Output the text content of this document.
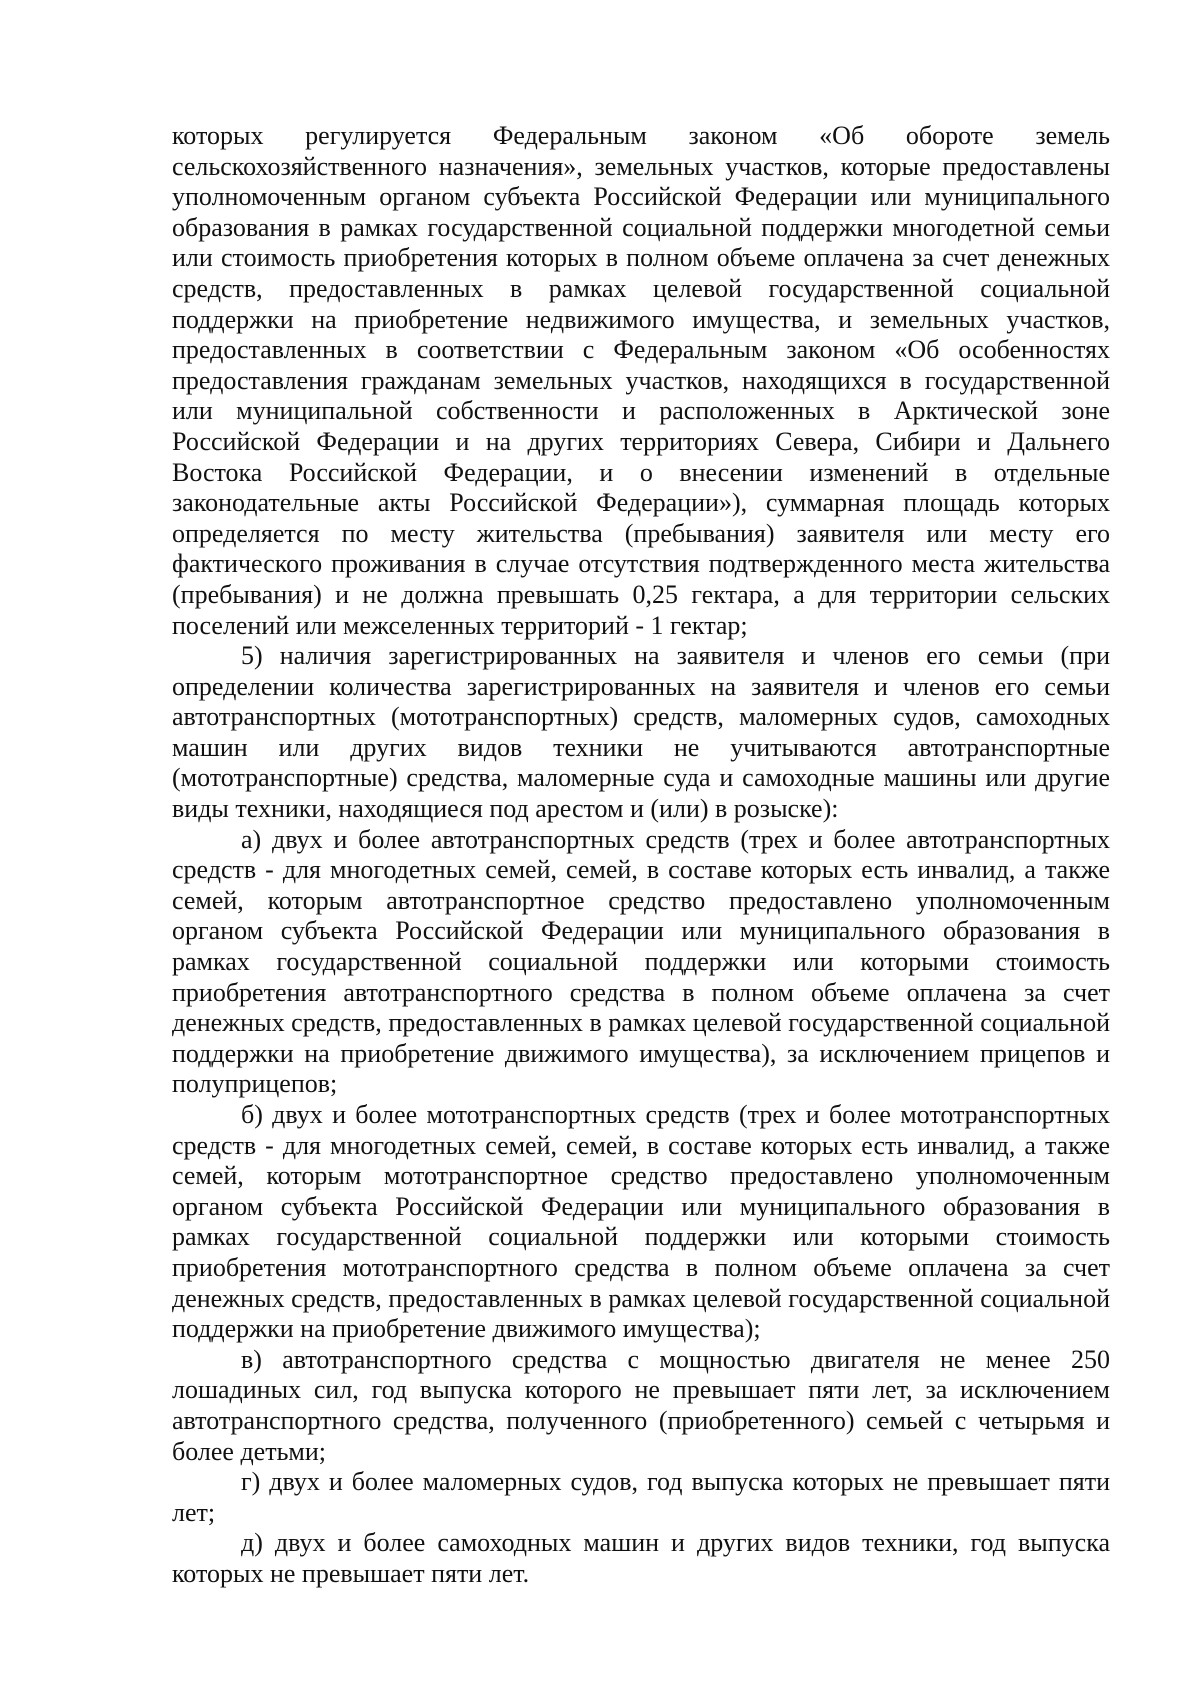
которых регулируется Федеральным законом «Об обороте земель сельскохозяйственного назначения», земельных участков, которые предоставлены уполномоченным органом субъекта Российской Федерации или муниципального образования в рамках государственной социальной поддержки многодетной семьи или стоимость приобретения которых в полном объеме оплачена за счет денежных средств, предоставленных в рамках целевой государственной социальной поддержки на приобретение недвижимого имущества, и земельных участков, предоставленных в соответствии с Федеральным законом «Об особенностях предоставления гражданам земельных участков, находящихся в государственной или муниципальной собственности и расположенных в Арктической зоне Российской Федерации и на других территориях Севера, Сибири и Дальнего Востока Российской Федерации, и о внесении изменений в отдельные законодательные акты Российской Федерации»), суммарная площадь которых определяется по месту жительства (пребывания) заявителя или месту его фактического проживания в случае отсутствия подтвержденного места жительства (пребывания) и не должна превышать 0,25 гектара, а для территории сельских поселений или межселенных территорий - 1 гектар;

5) наличия зарегистрированных на заявителя и членов его семьи (при определении количества зарегистрированных на заявителя и членов его семьи автотранспортных (мототранспортных) средств, маломерных судов, самоходных машин или других видов техники не учитываются автотранспортные (мототранспортные) средства, маломерные суда и самоходные машины или другие виды техники, находящиеся под арестом и (или) в розыске):

а) двух и более автотранспортных средств (трех и более автотранспортных средств - для многодетных семей, семей, в составе которых есть инвалид, а также семей, которым автотранспортное средство предоставлено уполномоченным органом субъекта Российской Федерации или муниципального образования в рамках государственной социальной поддержки или которыми стоимость приобретения автотранспортного средства в полном объеме оплачена за счет денежных средств, предоставленных в рамках целевой государственной социальной поддержки на приобретение движимого имущества), за исключением прицепов и полуприцепов;

б) двух и более мототранспортных средств (трех и более мототранспортных средств - для многодетных семей, семей, в составе которых есть инвалид, а также семей, которым мототранспортное средство предоставлено уполномоченным органом субъекта Российской Федерации или муниципального образования в рамках государственной социальной поддержки или которыми стоимость приобретения мототранспортного средства в полном объеме оплачена за счет денежных средств, предоставленных в рамках целевой государственной социальной поддержки на приобретение движимого имущества);

в) автотранспортного средства с мощностью двигателя не менее 250 лошадиных сил, год выпуска которого не превышает пяти лет, за исключением автотранспортного средства, полученного (приобретенного) семьей с четырьмя и более детьми;

г) двух и более маломерных судов, год выпуска которых не превышает пяти лет;

д) двух и более самоходных машин и других видов техники, год выпуска которых не превышает пяти лет.
